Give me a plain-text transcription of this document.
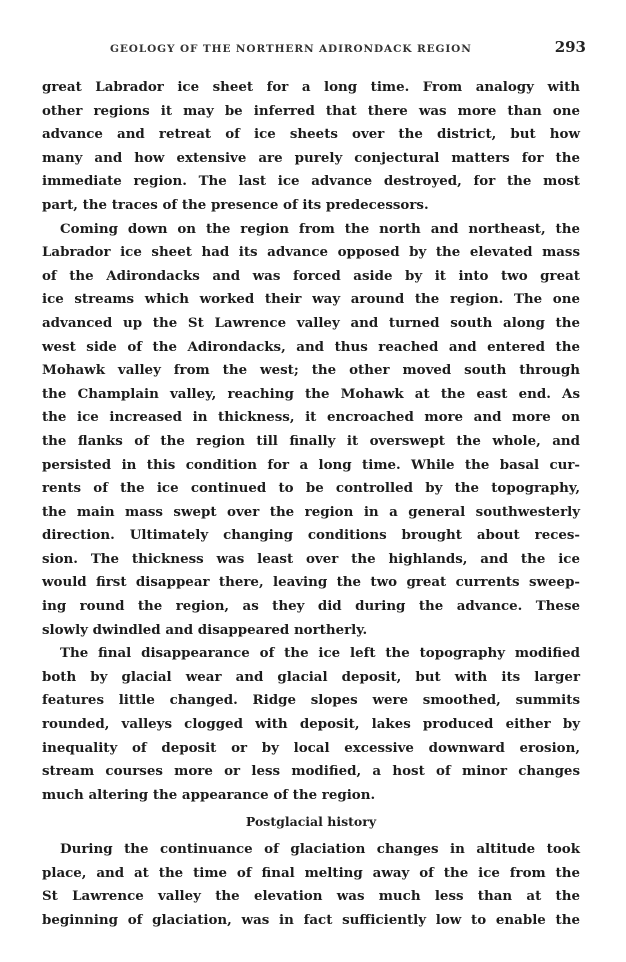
GEOLOGY OF THE NORTHERN ADIRONDACK REGION	293
great Labrador ice sheet for a long time. From analogy with
other regions it may be inferred that there was more than one
advance and retreat of ice sheets over the district, but how
many and how extensive are purely conjectural matters for the
immediate region. The last ice advance destroyed, for the most
part, the traces of the presence of its predecessors.
Coming down on the region from the north and northeast, the
Labrador ice sheet had its advance opposed by the elevated mass
of the Adirondacks and was forced aside by it into two great
ice streams which worked their way around the region. The one
advanced up the St Lawrence valley and turned south along the
west side of the Adirondacks, and thus reached and entered the
Mohawk valley from the west; the other moved south through
the Champlain valley, reaching the Mohawk at the east end. As
the ice increased in thickness, it encroached more and more on
the flanks of the region till finally it overswept the whole, and
persisted in this condition for a long time. While the basal cur-
rents of the ice continued to be controlled by the topography,
the main mass swept over the region in a general southwesterly
direction. Ultimately changing conditions brought about reces-
sion. The thickness was least over the highlands, and the ice
would first disappear there, leaving the two great currents sweep-
ing round the region, as they did during the advance. These
slowly dwindled and disappeared northerly.
The final disappearance of the ice left the topography modified
both by glacial wear and glacial deposit, but with its larger
features little changed. Ridge slopes were smoothed, summits
rounded, valleys clogged with deposit, lakes produced either by
inequality of deposit or by local excessive downward erosion,
stream courses more or less modified, a host of minor changes
much altering the appearance of the region.
Postglacial history
During the continuance of glaciation changes in altitude took
place, and at the time of final melting away of the ice from the
St Lawrence valley the elevation was much less than at the
beginning of glaciation, was in fact sufficiently low to enable the
